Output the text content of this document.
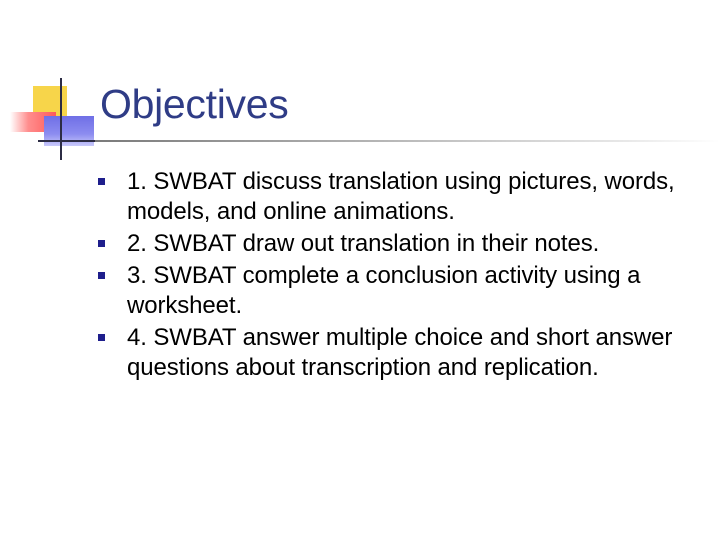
Objectives
1. SWBAT discuss translation using pictures, words, models, and online animations.
2. SWBAT draw out translation in their notes.
3. SWBAT complete a conclusion activity using a worksheet.
4. SWBAT answer multiple choice and short answer questions about transcription and replication.
